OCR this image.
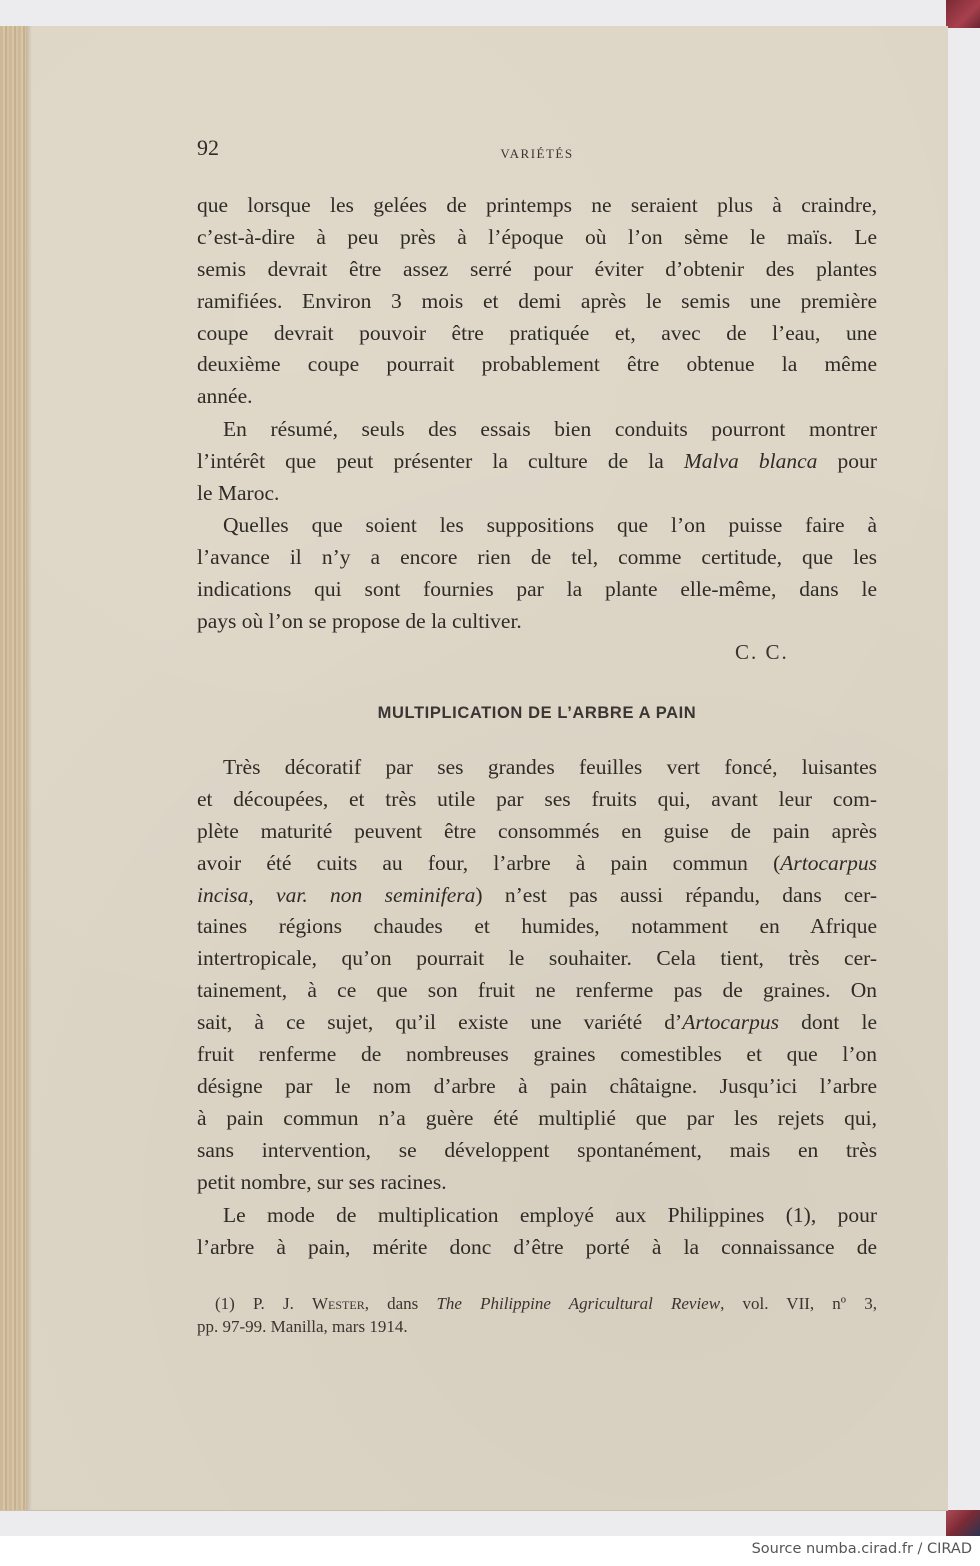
92	VARIÉTÉS
que lorsque les gelées de printemps ne seraient plus à craindre,
c’est-à-dire à peu près à l’époque où l’on sème le maïs. Le
semis devrait être assez serré pour éviter d’obtenir des plantes
ramifiées. Environ 3 mois et demi après le semis une première
coupe devrait pouvoir être pratiquée et, avec de l’eau, une
deuxième coupe pourrait probablement être obtenue la même
année.
En résumé, seuls des essais bien conduits pourront montrer
l’intérêt que peut présenter la culture de la Malva blanca pour
le Maroc.
Quelles que soient les suppositions que l’on puisse faire à
l’avance il n’y a encore rien de tel, comme certitude, que les
indications qui sont fournies par la plante elle-même, dans le
pays où l’on se propose de la cultiver.
C. C.
MULTIPLICATION DE L’ARBRE A PAIN
Très décoratif par ses grandes feuilles vert foncé, luisantes
et découpées, et très utile par ses fruits qui, avant leur com-
plète maturité peuvent être consommés en guise de pain après
avoir été cuits au four, l’arbre à pain commun (Artocarpus
incisa, var. non seminifera) n’est pas aussi répandu, dans cer-
taines régions chaudes et humides, notamment en Afrique
intertropicale, qu’on pourrait le souhaiter. Cela tient, très cer-
tainement, à ce que son fruit ne renferme pas de graines. On
sait, à ce sujet, qu’il existe une variété d’Artocarpus dont le
fruit renferme de nombreuses graines comestibles et que l’on
désigne par le nom d’arbre à pain châtaigne. Jusqu’ici l’arbre
à pain commun n’a guère été multiplié que par les rejets qui,
sans intervention, se développent spontanément, mais en très
petit nombre, sur ses racines.
Le mode de multiplication employé aux Philippines (1), pour
l’arbre à pain, mérite donc d’être porté à la connaissance de
(1) P. J. Wester, dans The Philippine Agricultural Review, vol. VII, nº 3,
pp. 97-99. Manilla, mars 1914.
Source numba.cirad.fr / CIRAD
